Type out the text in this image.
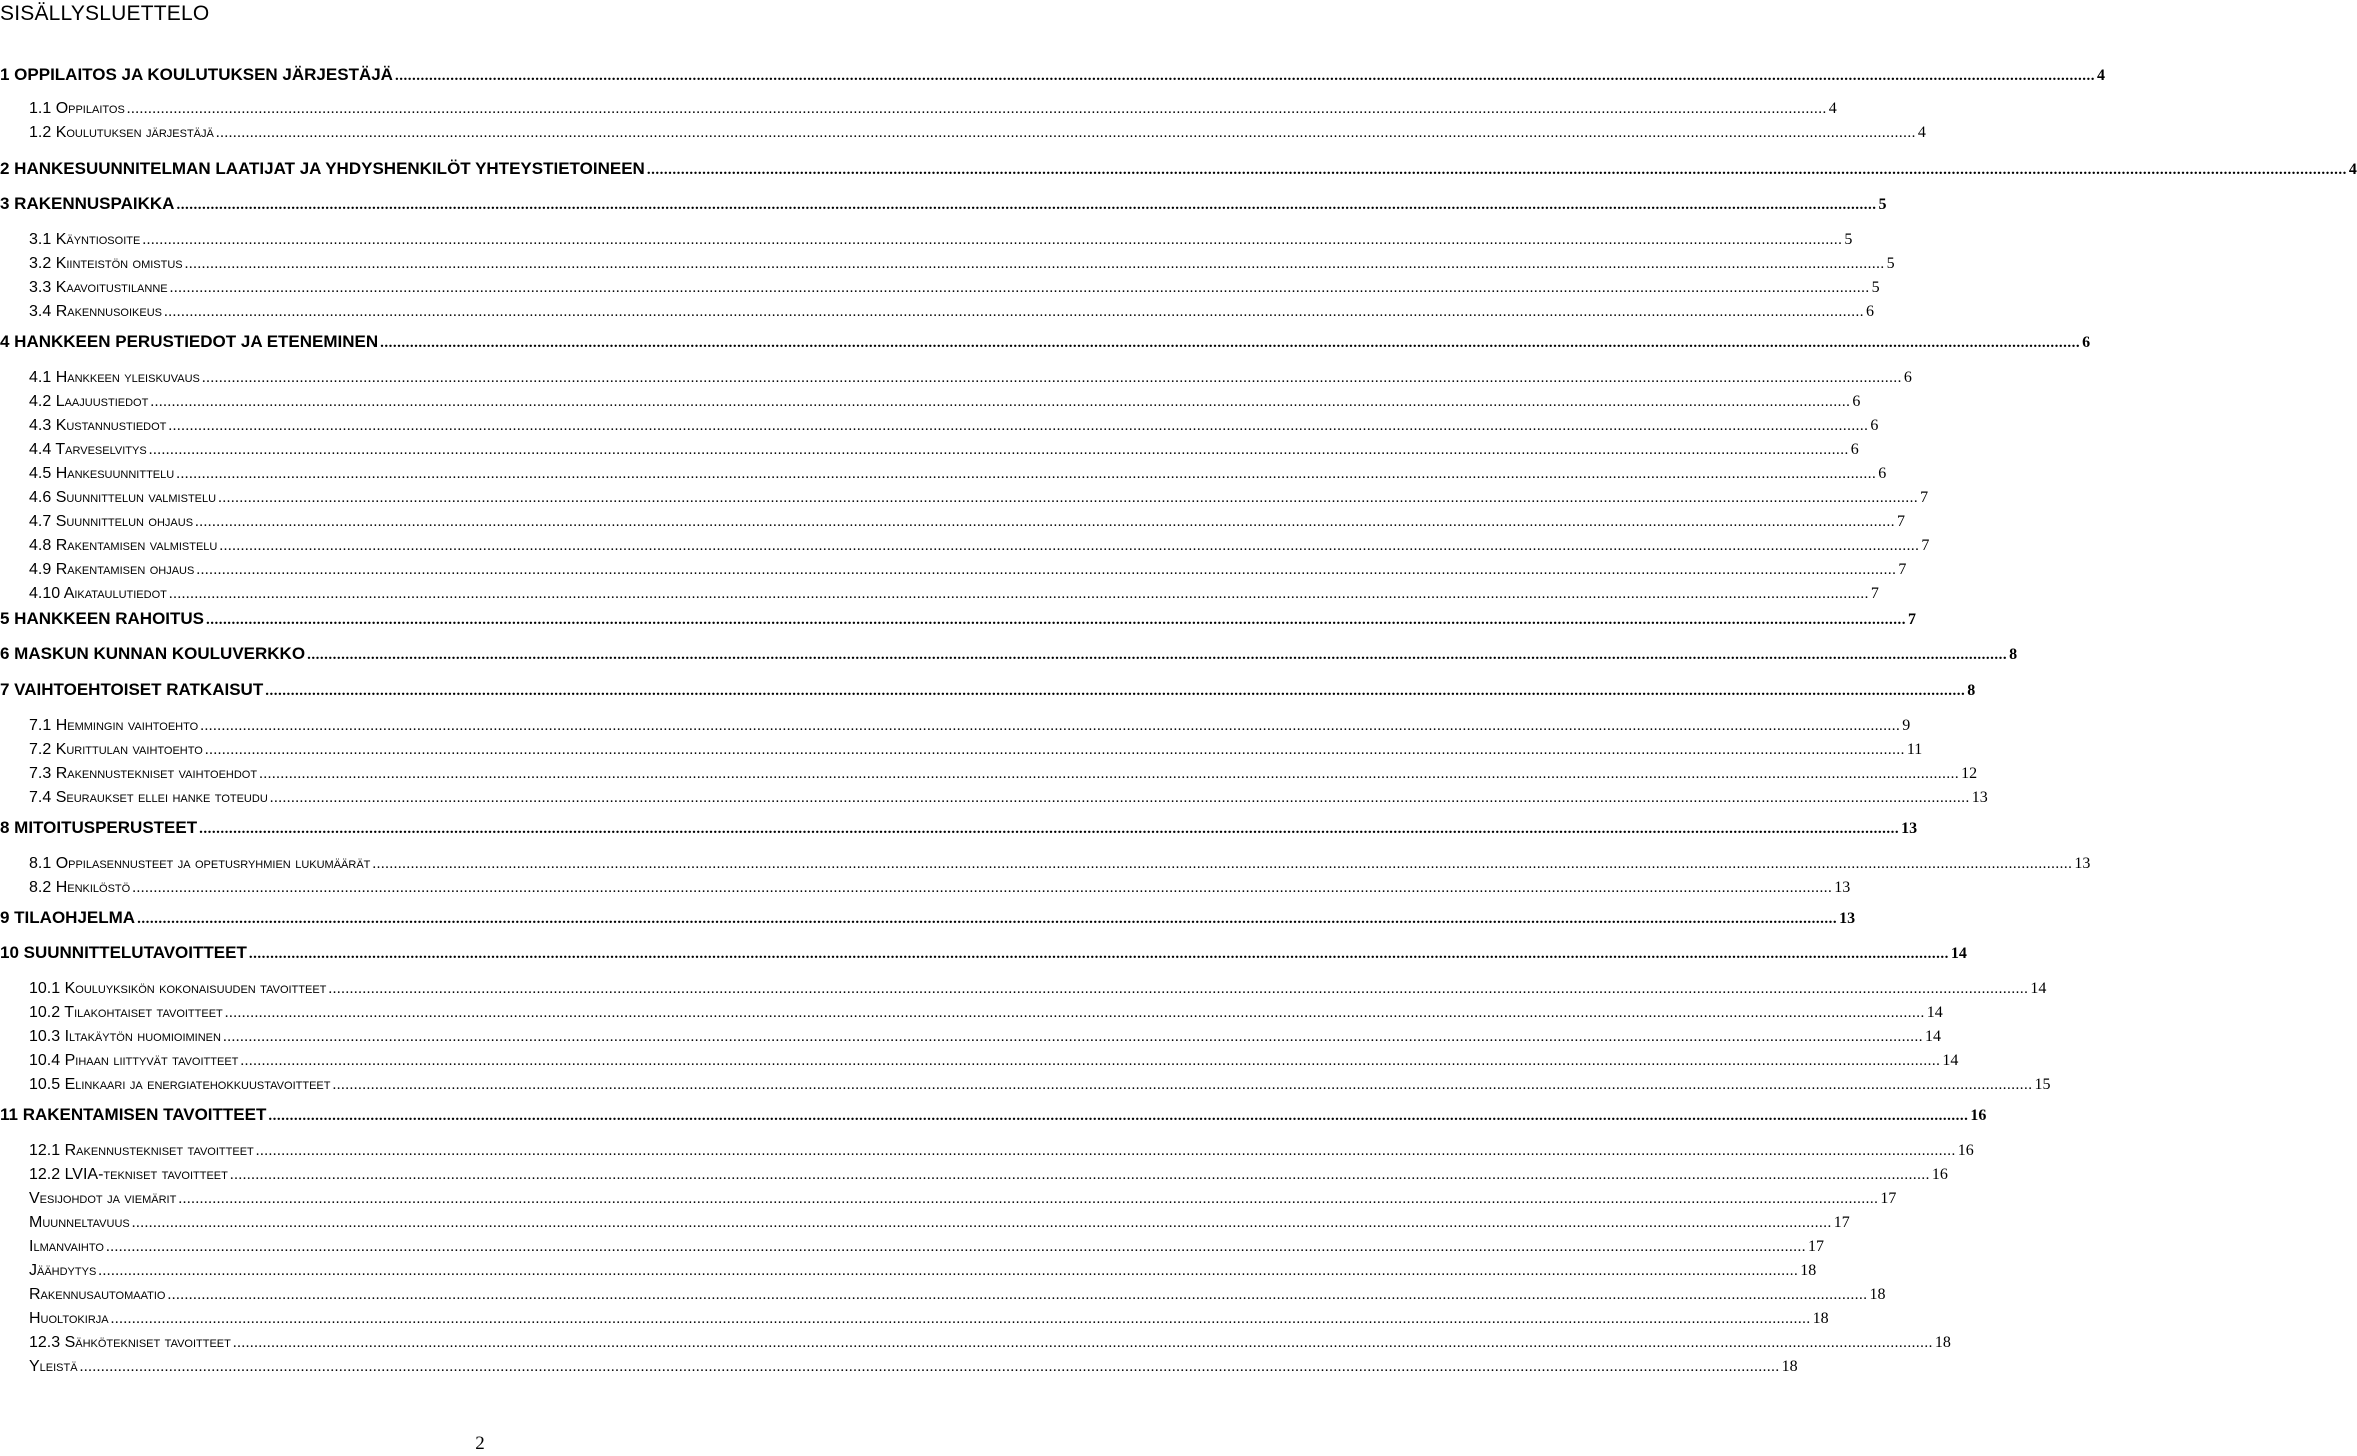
SISÄLLYSLUETTELO
1 OPPILAITOS JA KOULUTUKSEN JÄRJESTÄJÄ ................................................................................................................................................................................................................................................................................................................................................................................................................ 4
1.1 Oppilaitos ................................................................................................................................................................................................................................................................................................................................................................................................................ 4
1.2 Koulutuksen järjestäjä ................................................................................................................................................................................................................................................................................................................................................................................................................ 4
2 HANKESUUNNITELMAN LAATIJAT JA YHDYSHENKILÖT YHTEYSTIETOINEEN ................................................................................................................................................................................................................................................................................................................................................................................................................ 4
3 RAKENNUSPAIKKA ................................................................................................................................................................................................................................................................................................................................................................................................................ 5
3.1 Käyntiosoite ................................................................................................................................................................................................................................................................................................................................................................................................................ 5
3.2 Kiinteistön omistus ................................................................................................................................................................................................................................................................................................................................................................................................................ 5
3.3 Kaavoitustilanne ................................................................................................................................................................................................................................................................................................................................................................................................................ 5
3.4 Rakennusoikeus ................................................................................................................................................................................................................................................................................................................................................................................................................ 6
4 HANKKEEN PERUSTIEDOT JA ETENEMINEN ................................................................................................................................................................................................................................................................................................................................................................................................................ 6
4.1 Hankkeen yleiskuvaus ................................................................................................................................................................................................................................................................................................................................................................................................................ 6
4.2 Laajuustiedot ................................................................................................................................................................................................................................................................................................................................................................................................................ 6
4.3 Kustannustiedot ................................................................................................................................................................................................................................................................................................................................................................................................................ 6
4.4 Tarveselvitys ................................................................................................................................................................................................................................................................................................................................................................................................................ 6
4.5 Hankesuunnittelu ................................................................................................................................................................................................................................................................................................................................................................................................................ 6
4.6 Suunnittelun valmistelu ................................................................................................................................................................................................................................................................................................................................................................................................................ 7
4.7 Suunnittelun ohjaus ................................................................................................................................................................................................................................................................................................................................................................................................................ 7
4.8 Rakentamisen valmistelu ................................................................................................................................................................................................................................................................................................................................................................................................................ 7
4.9 Rakentamisen ohjaus ................................................................................................................................................................................................................................................................................................................................................................................................................ 7
4.10 Aikataulutiedot ................................................................................................................................................................................................................................................................................................................................................................................................................ 7
5 HANKKEEN RAHOITUS ................................................................................................................................................................................................................................................................................................................................................................................................................ 7
6 MASKUN KUNNAN KOULUVERKKO ................................................................................................................................................................................................................................................................................................................................................................................................................ 8
7 VAIHTOEHTOISET RATKAISUT ................................................................................................................................................................................................................................................................................................................................................................................................................ 8
7.1 Hemmingin vaihtoehto ................................................................................................................................................................................................................................................................................................................................................................................................................ 9
7.2 Kurittulan vaihtoehto ................................................................................................................................................................................................................................................................................................................................................................................................................ 11
7.3 Rakennustekniset vaihtoehdot ................................................................................................................................................................................................................................................................................................................................................................................................................ 12
7.4 Seuraukset ellei hanke toteudu ................................................................................................................................................................................................................................................................................................................................................................................................................ 13
8 MITOITUSPERUSTEET ................................................................................................................................................................................................................................................................................................................................................................................................................ 13
8.1 Oppilasennusteet ja opetusryhmien lukumäärät ................................................................................................................................................................................................................................................................................................................................................................................................................ 13
8.2 Henkilöstö ................................................................................................................................................................................................................................................................................................................................................................................................................ 13
9 TILAOHJELMA ................................................................................................................................................................................................................................................................................................................................................................................................................ 13
10 SUUNNITTELUTAVOITTEET ................................................................................................................................................................................................................................................................................................................................................................................................................ 14
10.1 Kouluyksikön kokonaisuuden tavoitteet ................................................................................................................................................................................................................................................................................................................................................................................................................ 14
10.2 Tilakohtaiset tavoitteet ................................................................................................................................................................................................................................................................................................................................................................................................................ 14
10.3 Iltakäytön huomioiminen ................................................................................................................................................................................................................................................................................................................................................................................................................ 14
10.4 Pihaan liittyvät tavoitteet ................................................................................................................................................................................................................................................................................................................................................................................................................ 14
10.5 Elinkaari ja energiatehokkuustavoitteet ................................................................................................................................................................................................................................................................................................................................................................................................................ 15
11 RAKENTAMISEN TAVOITTEET ................................................................................................................................................................................................................................................................................................................................................................................................................ 16
12.1 Rakennustekniset tavoitteet ................................................................................................................................................................................................................................................................................................................................................................................................................ 16
12.2 LVIA-tekniset tavoitteet ................................................................................................................................................................................................................................................................................................................................................................................................................ 16
Vesijohdot ja viemärit ................................................................................................................................................................................................................................................................................................................................................................................................................ 17
Muunneltavuus ................................................................................................................................................................................................................................................................................................................................................................................................................ 17
Ilmanvaihto ................................................................................................................................................................................................................................................................................................................................................................................................................ 17
Jäähdytys ................................................................................................................................................................................................................................................................................................................................................................................................................ 18
Rakennusautomaatio ................................................................................................................................................................................................................................................................................................................................................................................................................ 18
Huoltokirja ................................................................................................................................................................................................................................................................................................................................................................................................................ 18
12.3 Sähkötekniset tavoitteet ................................................................................................................................................................................................................................................................................................................................................................................................................ 18
Yleistä ................................................................................................................................................................................................................................................................................................................................................................................................................ 18
2
